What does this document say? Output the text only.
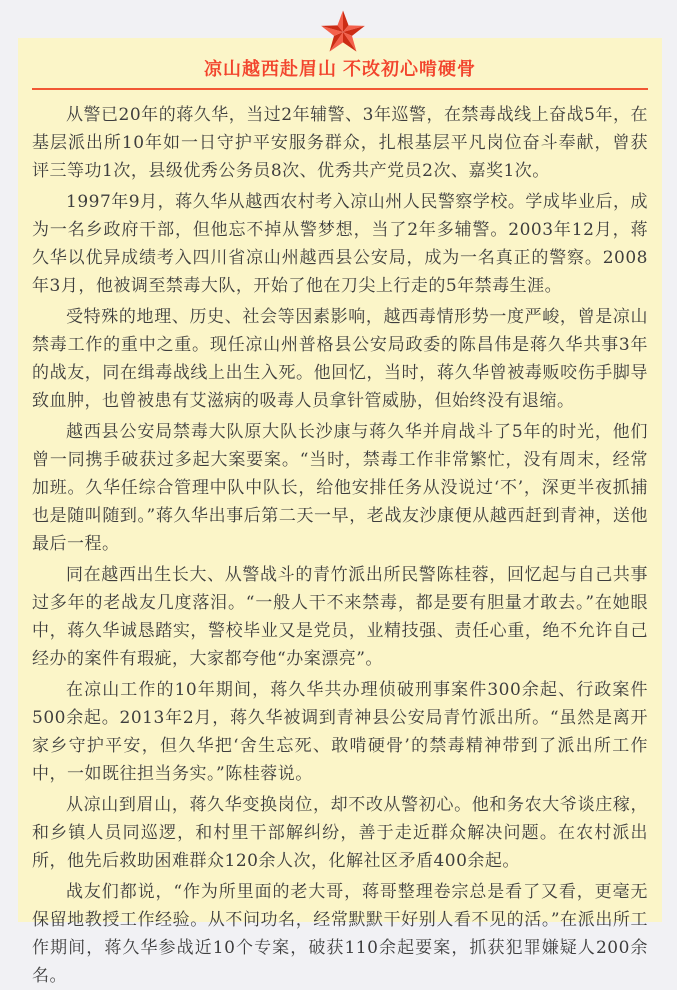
凉山越西赴眉山 不改初心啃硬骨

从警已20年的蒋久华，当过2年辅警、3年巡警，在禁毒战线上奋战5年，在基层派出所10年如一日守护平安服务群众，扎根基层平凡岗位奋斗奉献，曾获评三等功1次，县级优秀公务员8次、优秀共产党员2次、嘉奖1次。

1997年9月，蒋久华从越西农村考入凉山州人民警察学校。学成毕业后，成为一名乡政府干部，但他忘不掉从警梦想，当了2年多辅警。2003年12月，蒋久华以优异成绩考入四川省凉山州越西县公安局，成为一名真正的警察。2008年3月，他被调至禁毒大队，开始了他在刀尖上行走的5年禁毒生涯。

受特殊的地理、历史、社会等因素影响，越西毒情形势一度严峻，曾是凉山禁毒工作的重中之重。现任凉山州普格县公安局政委的陈昌伟是蒋久华共事3年的战友，同在缉毒战线上出生入死。他回忆，当时，蒋久华曾被毒贩咬伤手脚导致血肿，也曾被患有艾滋病的吸毒人员拿针管威胁，但始终没有退缩。

越西县公安局禁毒大队原大队长沙康与蒋久华并肩战斗了5年的时光，他们曾一同携手破获过多起大案要案。“当时，禁毒工作非常繁忙，没有周末，经常加班。久华任综合管理中队中队长，给他安排任务从没说过‘不’，深更半夜抓捕也是随叫随到。”蒋久华出事后第二天一早，老战友沙康便从越西赶到青神，送他最后一程。

同在越西出生长大、从警战斗的青竹派出所民警陈桂蓉，回忆起与自己共事过多年的老战友几度落泪。“一般人干不来禁毒，都是要有胆量才敢去。”在她眼中，蒋久华诚恳踏实，警校毕业又是党员，业精技强、责任心重，绝不允许自己经办的案件有瑕疵，大家都夸他“办案漂亮”。

在凉山工作的10年期间，蒋久华共办理侦破刑事案件300余起、行政案件500余起。2013年2月，蒋久华被调到青神县公安局青竹派出所。“虽然是离开家乡守护平安，但久华把‘舍生忘死、敢啃硬骨’的禁毒精神带到了派出所工作中，一如既往担当务实。”陈桂蓉说。

从凉山到眉山，蒋久华变换岗位，却不改从警初心。他和务农大爷谈庄稼，和乡镇人员同巡逻，和村里干部解纠纷，善于走近群众解决问题。在农村派出所，他先后救助困难群众120余人次，化解社区矛盾400余起。

战友们都说，“作为所里面的老大哥，蒋哥整理卷宗总是看了又看，更毫无保留地教授工作经验。从不问功名，经常默默干好别人看不见的活。”在派出所工作期间，蒋久华参战近10个专案，破获110余起要案，抓获犯罪嫌疑人200余名。
